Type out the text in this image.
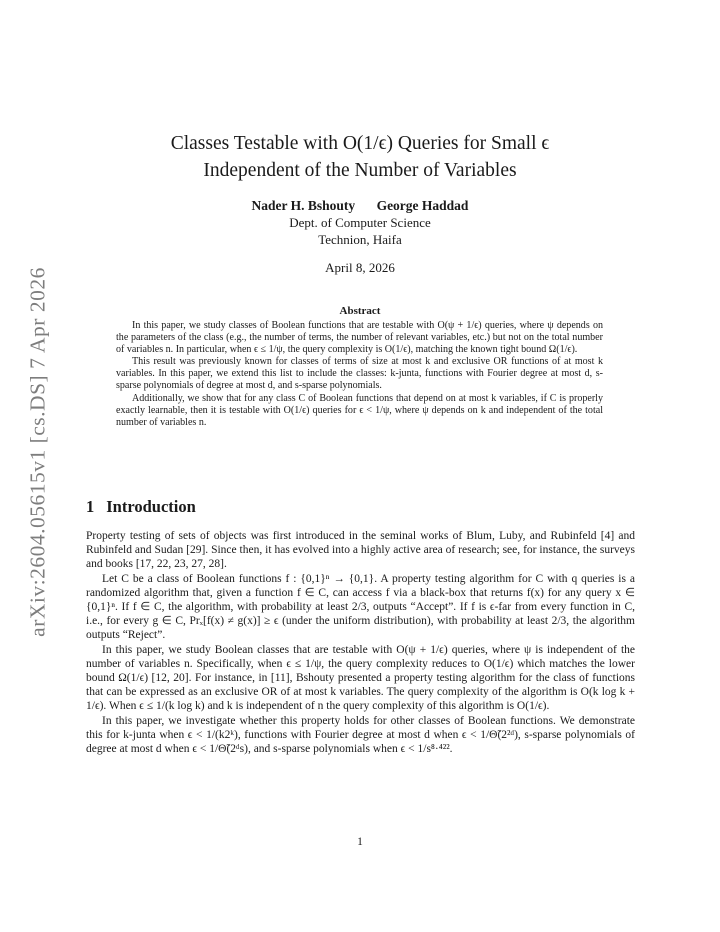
arXiv:2604.05615v1 [cs.DS] 7 Apr 2026
Classes Testable with O(1/ϵ) Queries for Small ϵ
Independent of the Number of Variables
Nader H. Bshouty George Haddad
Dept. of Computer Science
Technion, Haifa
April 8, 2026
Abstract

In this paper, we study classes of Boolean functions that are testable with O(ψ + 1/ϵ) queries, where ψ depends on the parameters of the class (e.g., the number of terms, the number of relevant variables, etc.) but not on the total number of variables n. In particular, when ϵ ≤ 1/ψ, the query complexity is O(1/ϵ), matching the known tight bound Ω(1/ϵ).

This result was previously known for classes of terms of size at most k and exclusive OR functions of at most k variables. In this paper, we extend this list to include the classes: k-junta, functions with Fourier degree at most d, s-sparse polynomials of degree at most d, and s-sparse polynomials.

Additionally, we show that for any class C of Boolean functions that depend on at most k variables, if C is properly exactly learnable, then it is testable with O(1/ϵ) queries for ϵ < 1/ψ, where ψ depends on k and independent of the total number of variables n.

1 Introduction

Property testing of sets of objects was first introduced in the seminal works of Blum, Luby, and Rubinfeld [4] and Rubinfeld and Sudan [29]. Since then, it has evolved into a highly active area of research; see, for instance, the surveys and books [17, 22, 23, 27, 28].

Let C be a class of Boolean functions f : {0,1}ⁿ → {0,1}. A property testing algorithm for C with q queries is a randomized algorithm that, given a function f ∈ C, can access f via a black-box that returns f(x) for any query x ∈ {0,1}ⁿ. If f ∈ C, the algorithm, with probability at least 2/3, outputs “Accept”. If f is ϵ-far from every function in C, i.e., for every g ∈ C, Prₓ[f(x) ≠ g(x)] ≥ ϵ (under the uniform distribution), with probability at least 2/3, the algorithm outputs “Reject”.

In this paper, we study Boolean classes that are testable with O(ψ + 1/ϵ) queries, where ψ is independent of the number of variables n. Specifically, when ϵ ≤ 1/ψ, the query complexity reduces to O(1/ϵ) which matches the lower bound Ω(1/ϵ) [12, 20]. For instance, in [11], Bshouty presented a property testing algorithm for the class of functions that can be expressed as an exclusive OR of at most k variables. The query complexity of the algorithm is O(k log k + 1/ϵ). When ϵ ≤ 1/(k log k) and k is independent of n the query complexity of this algorithm is O(1/ϵ).

In this paper, we investigate whether this property holds for other classes of Boolean functions. We demonstrate this for k-junta when ϵ < 1/(k2ᵏ), functions with Fourier degree at most d when ϵ < 1/Θ̃(2²ᵈ), s-sparse polynomials of degree at most d when ϵ < 1/Θ̃(2ᵈs), and s-sparse polynomials when ϵ < 1/s⁸·⁴²².

1
